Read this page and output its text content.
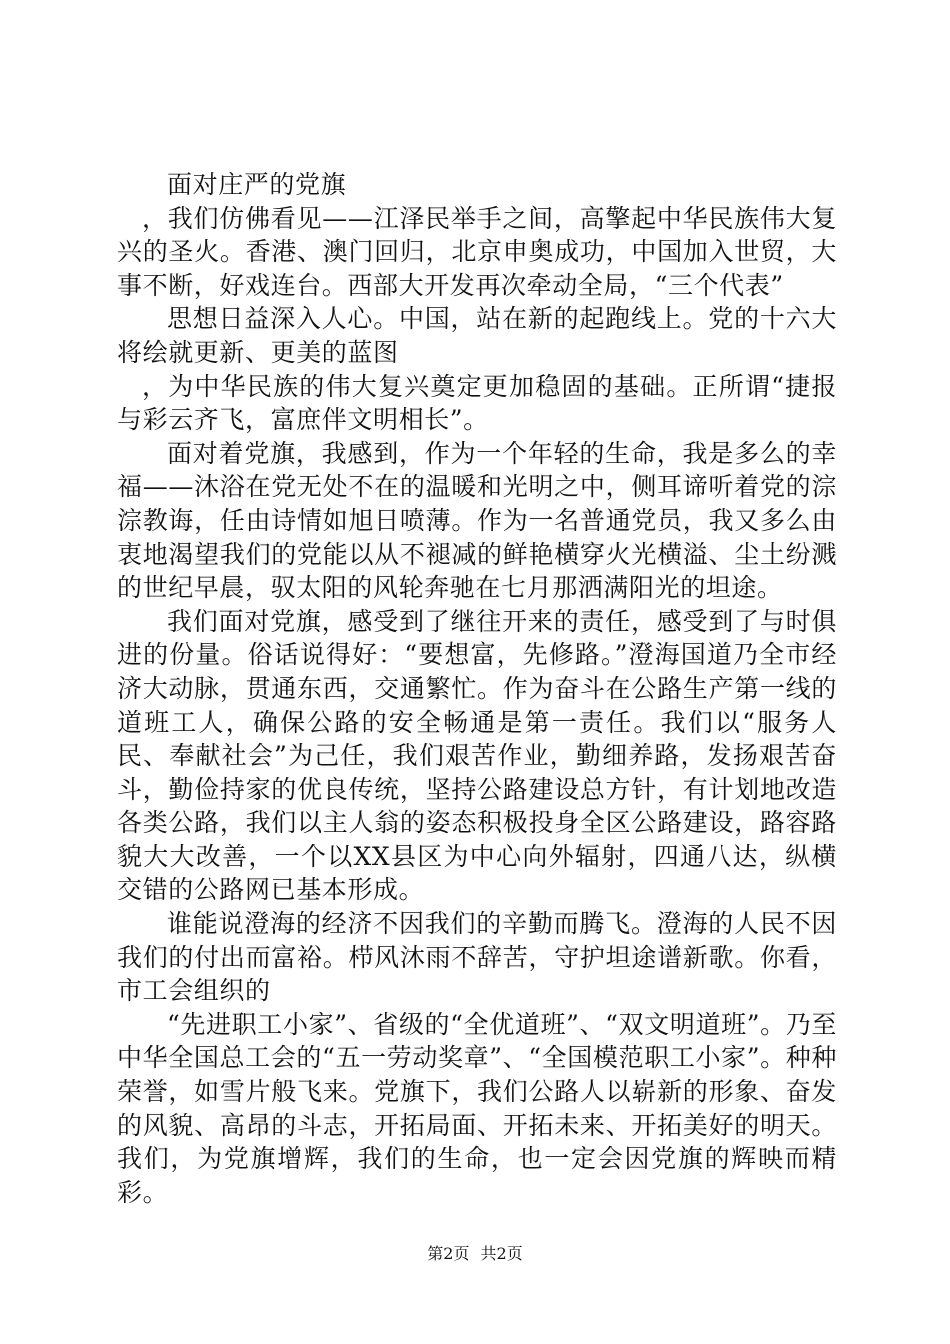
面对庄严的党旗

，我们仿佛看见——江泽民举手之间，高擎起中华民族伟大复兴的圣火。香港、澳门回归，北京申奥成功，中国加入世贸，大事不断，好戏连台。西部大开发再次牵动全局，“三个代表”

思想日益深入人心。中国，站在新的起跑线上。党的十六大将绘就更新、更美的蓝图

，为中华民族的伟大复兴奠定更加稳固的基础。正所谓“捷报与彩云齐飞，富庶伴文明相长”。

面对着党旗，我感到，作为一个年轻的生命，我是多么的幸福——沐浴在党无处不在的温暖和光明之中，侧耳谛听着党的淙淙教诲，任由诗情如旭日喷薄。作为一名普通党员，我又多么由衷地渴望我们的党能以从不褪减的鲜艳横穿火光横溢、尘土纷溅的世纪早晨，驭太阳的风轮奔驰在七月那洒满阳光的坦途。

我们面对党旗，感受到了继往开来的责任，感受到了与时俱进的份量。俗话说得好：“要想富，先修路。”澄海国道乃全市经济大动脉，贯通东西，交通繁忙。作为奋斗在公路生产第一线的道班工人，确保公路的安全畅通是第一责任。我们以“服务人民、奉献社会”为己任，我们艰苦作业，勤细养路，发扬艰苦奋斗，勤俭持家的优良传统，坚持公路建设总方针，有计划地改造各类公路，我们以主人翁的姿态积极投身全区公路建设，路容路貌大大改善，一个以XX县区为中心向外辐射，四通八达，纵横交错的公路网已基本形成。

谁能说澄海的经济不因我们的辛勤而腾飞。澄海的人民不因我们的付出而富裕。栉风沐雨不辞苦，守护坦途谱新歌。你看，市工会组织的

“先进职工小家”、省级的“全优道班”、“双文明道班”。乃至中华全国总工会的“五一劳动奖章”、“全国模范职工小家”。种种荣誉，如雪片般飞来。党旗下，我们公路人以崭新的形象、奋发的风貌、高昂的斗志，开拓局面、开拓未来、开拓美好的明天。我们，为党旗增辉，我们的生命，也一定会因党旗的辉映而精彩。

第2页 共2页
